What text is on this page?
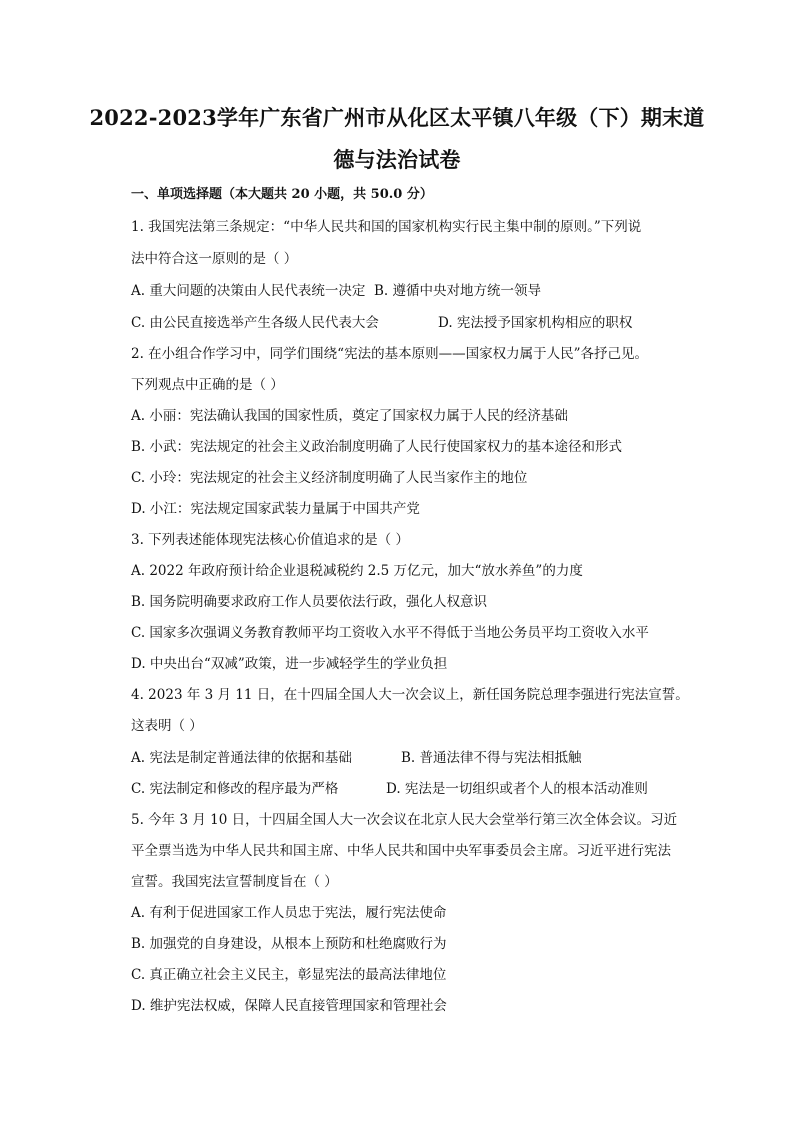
2022-2023学年广东省广州市从化区太平镇八年级（下）期末道
德与法治试卷
一、单项选择题（本大题共 20 小题，共 50.0 分）
1. 我国宪法第三条规定：“中华人民共和国的国家机构实行民主集中制的原则。”下列说
法中符合这一原则的是（ ）
A. 重大问题的决策由人民代表统一决定 B. 遵循中央对地方统一领导
C. 由公民直接选举产生各级人民代表大会	D. 宪法授予国家机构相应的职权
2. 在小组合作学习中，同学们围绕“宪法的基本原则——国家权力属于人民”各抒己见。
下列观点中正确的是（ ）
A. 小丽：宪法确认我国的国家性质，奠定了国家权力属于人民的经济基础
B. 小武：宪法规定的社会主义政治制度明确了人民行使国家权力的基本途径和形式
C. 小玲：宪法规定的社会主义经济制度明确了人民当家作主的地位
D. 小江：宪法规定国家武装力量属于中国共产党
3. 下列表述能体现宪法核心价值追求的是（ ）
A. 2022 年政府预计给企业退税减税约 2.5 万亿元，加大“放水养鱼”的力度
B. 国务院明确要求政府工作人员要依法行政，强化人权意识
C. 国家多次强调义务教育教师平均工资收入水平不得低于当地公务员平均工资收入水平
D. 中央出台“双减”政策，进一步减轻学生的学业负担
4. 2023 年 3 月 11 日，在十四届全国人大一次会议上，新任国务院总理李强进行宪法宣誓。
这表明（ ）
A. 宪法是制定普通法律的依据和基础	B. 普通法律不得与宪法相抵触
C. 宪法制定和修改的程序最为严格	D. 宪法是一切组织或者个人的根本活动准则
5. 今年 3 月 10 日，十四届全国人大一次会议在北京人民大会堂举行第三次全体会议。习近
平全票当选为中华人民共和国主席、中华人民共和国中央军事委员会主席。习近平进行宪法
宣誓。我国宪法宣誓制度旨在（ ）
A. 有利于促进国家工作人员忠于宪法，履行宪法使命
B. 加强党的自身建设，从根本上预防和杜绝腐败行为
C. 真正确立社会主义民主，彰显宪法的最高法律地位
D. 维护宪法权威，保障人民直接管理国家和管理社会
